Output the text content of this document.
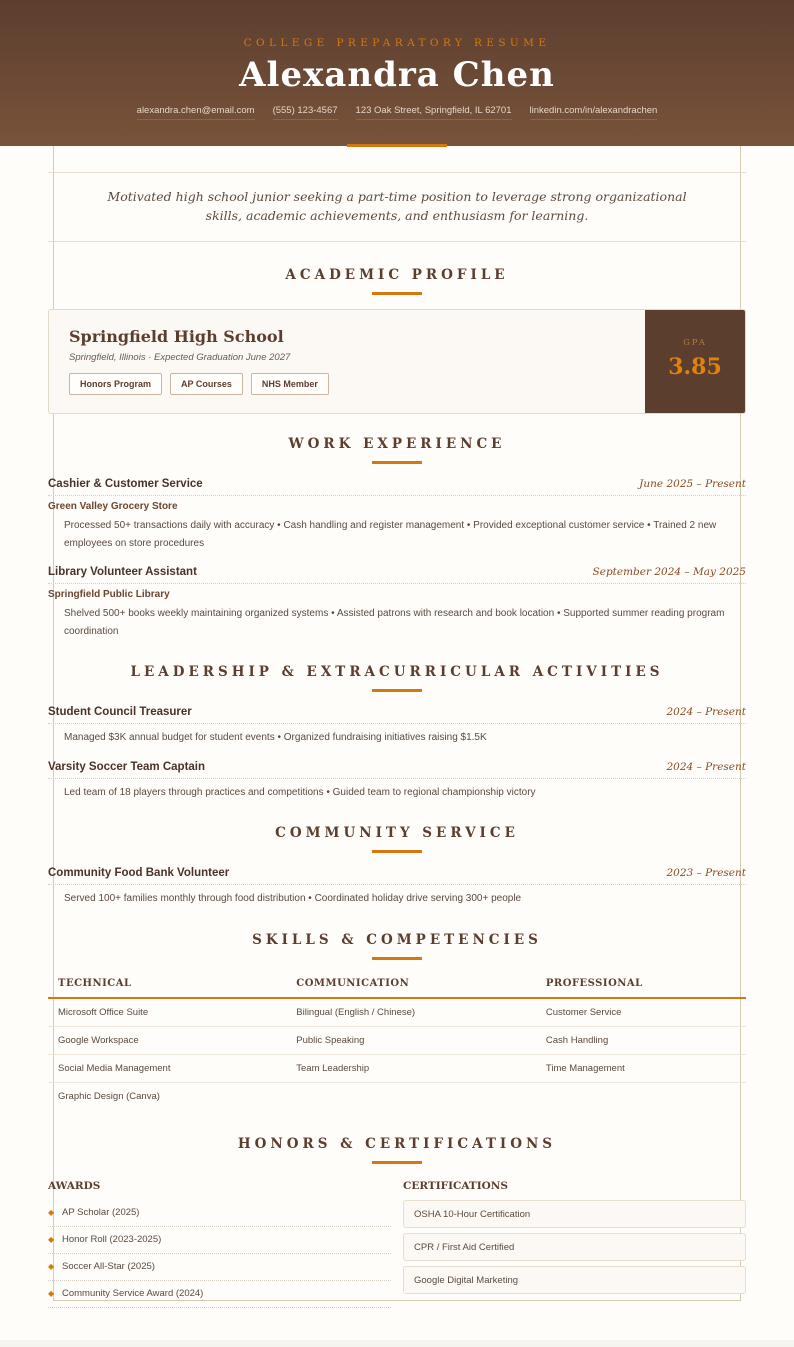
COLLEGE PREPARATORY RESUME
Alexandra Chen
alexandra.chen@email.com (555) 123-4567 123 Oak Street, Springfield, IL 62701 linkedin.com/in/alexandrachen

Motivated high school junior seeking a part-time position to leverage strong organizational skills, academic achievements, and enthusiasm for learning.

ACADEMIC PROFILE
Springfield High School
Springfield, Illinois · Expected Graduation June 2027
Honors Program	AP Courses	NHS Member
GPA
3.85
WORK EXPERIENCE
Cashier & Customer Service	June 2025 – Present
Green Valley Grocery Store
Processed 50+ transactions daily with accuracy • Cash handling and register management • Provided exceptional customer service • Trained 2 new employees on store procedures
Library Volunteer Assistant	September 2024 – May 2025
Springfield Public Library
Shelved 500+ books weekly maintaining organized systems • Assisted patrons with research and book location • Supported summer reading program coordination
LEADERSHIP & EXTRACURRICULAR ACTIVITIES
Student Council Treasurer	2024 – Present
Managed $3K annual budget for student events • Organized fundraising initiatives raising $1.5K
Varsity Soccer Team Captain	2024 – Present
Led team of 18 players through practices and competitions • Guided team to regional championship victory
COMMUNITY SERVICE
Community Food Bank Volunteer	2023 – Present
Served 100+ families monthly through food distribution • Coordinated holiday drive serving 300+ people
SKILLS & COMPETENCIES
TECHNICAL	COMMUNICATION	PROFESSIONAL
Microsoft Office Suite	Bilingual (English / Chinese)	Customer Service
Google Workspace	Public Speaking	Cash Handling
Social Media Management	Team Leadership	Time Management
Graphic Design (Canva)		
HONORS & CERTIFICATIONS
AWARDS
◆ AP Scholar (2025)
◆ Honor Roll (2023-2025)
◆ Soccer All-Star (2025)
◆ Community Service Award (2024)
CERTIFICATIONS
OSHA 10-Hour Certification
CPR / First Aid Certified
Google Digital Marketing
